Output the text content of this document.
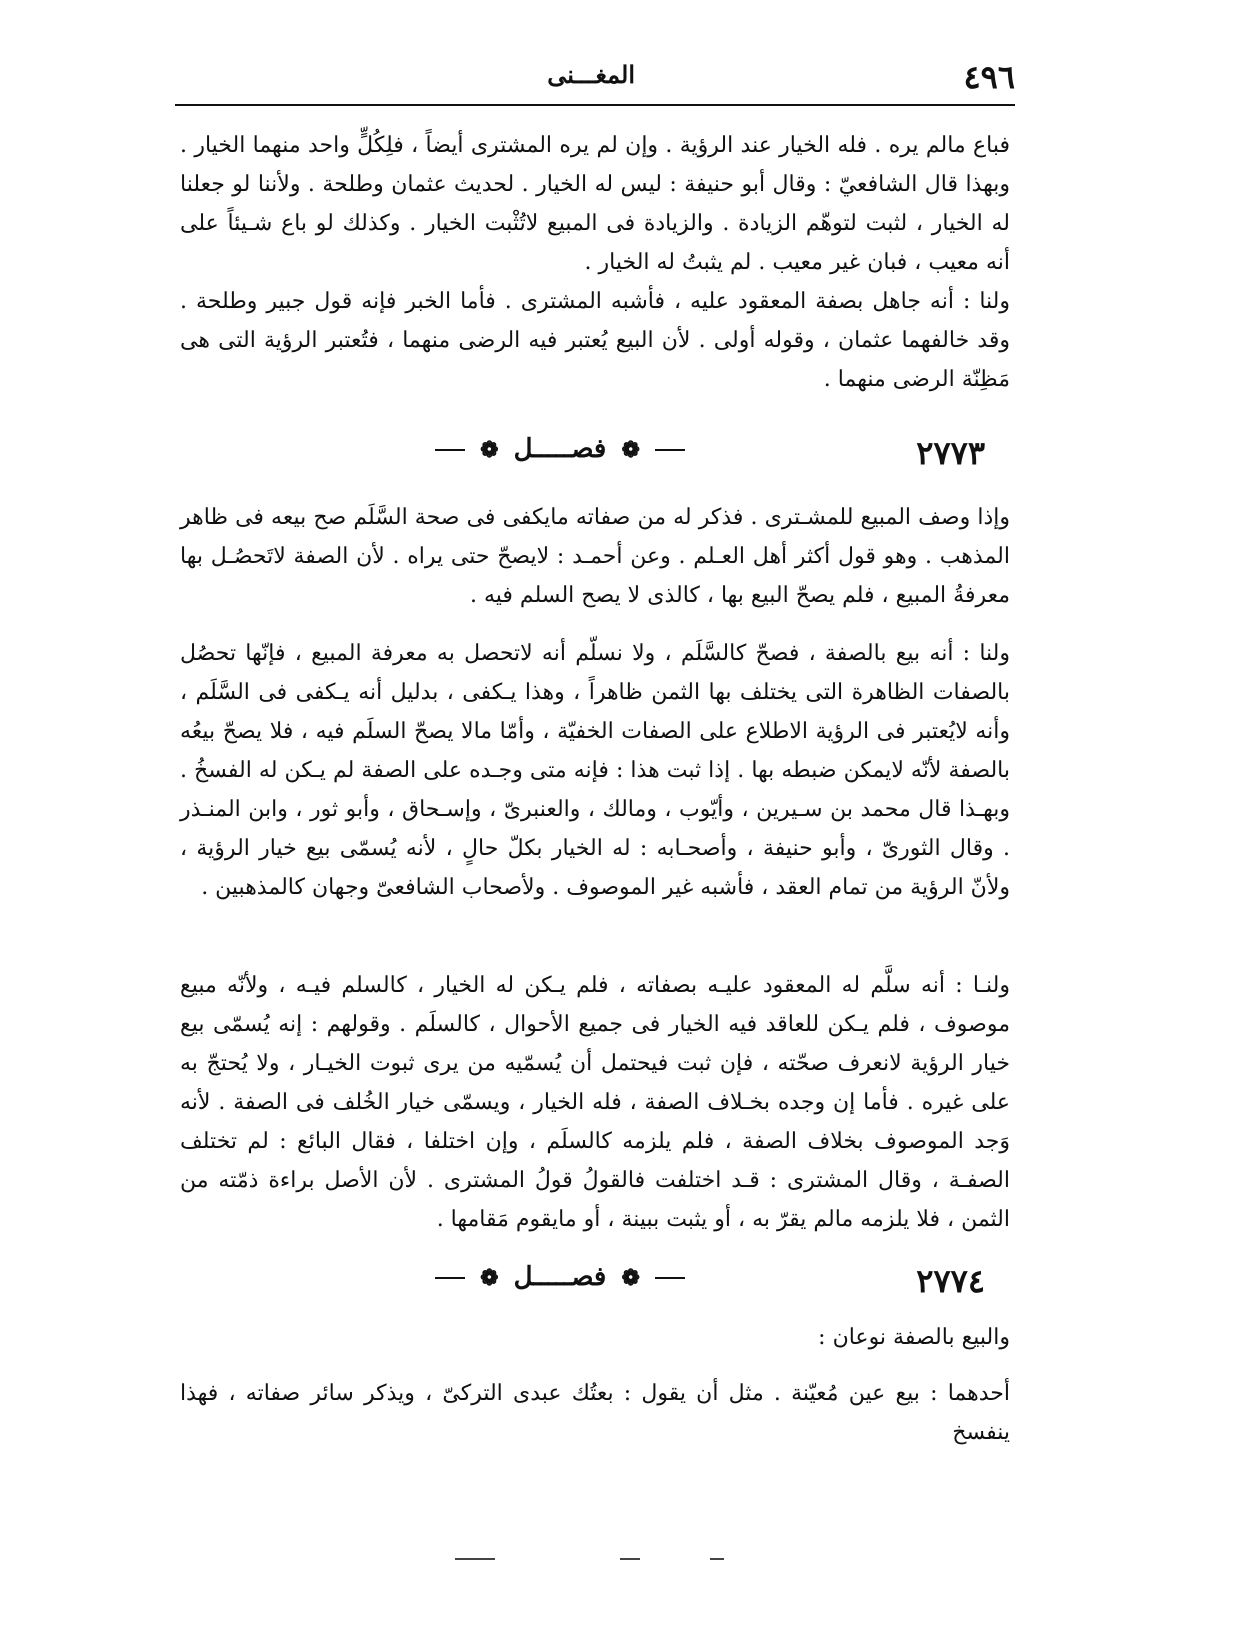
٤٩٦
المغـــنى

فباع مالم يره . فله الخيار عند الرؤية . وإن لم يره المشترى أيضاً ، فلِكُلٍّ واحد منهما الخيار . وبهذا قال الشافعيّ : وقال أبو حنيفة : ليس له الخيار . لحديث عثمان وطلحة . ولأننا لو جعلنا له الخيار ، لثبت لتوهّم الزيادة . والزيادة فى المبيع لاتُثْبت الخيار . وكذلك لو باع شـيئاً على أنه معيب ، فبان غير معيب . لم يثبتُ له الخيار .

ولنا : أنه جاهل بصفة المعقود عليه ، فأشبه المشترى . فأما الخبر فإنه قول جبير وطلحة . وقد خالفهما عثمان ، وقوله أولى . لأن البيع يُعتبر فيه الرضى منهما ، فتُعتبر الرؤية التى هى مَظِنّة الرضى منهما .

٢٧٧٣
❁ فصـــــل ❁

وإذا وصف المبيع للمشـترى . فذكر له من صفاته مايكفى فى صحة السَّلَم صح بيعه فى ظاهر المذهب . وهو قول أكثر أهل العـلم . وعن أحمـد : لايصحّ حتى يراه . لأن الصفة لاتَحصُـل بها معرفةُ المبيع ، فلم يصحّ البيع بها ، كالذى لا يصح السلم فيه .

ولنا : أنه بيع بالصفة ، فصحّ كالسَّلَم ، ولا نسلّم أنه لاتحصل به معرفة المبيع ، فإنّها تحصُل بالصفات الظاهرة التى يختلف بها الثمن ظاهراً ، وهذا يـكفى ، بدليل أنه يـكفى فى السَّلَم ، وأنه لايُعتبر فى الرؤية الاطلاع على الصفات الخفيّة ، وأمّا مالا يصحّ السلَم فيه ، فلا يصحّ بيعُه بالصفة لأنّه لايمكن ضبطه بها . إذا ثبت هذا : فإنه متى وجـده على الصفة لم يـكن له الفسخُ . وبهـذا قال محمد بن سـيرين ، وأيّوب ، ومالك ، والعنبرىّ ، وإسـحاق ، وأبو ثور ، وابن المنـذر . وقال الثورىّ ، وأبو حنيفة ، وأصحـابه : له الخيار بكلّ حالٍ ، لأنه يُسمّى بيع خيار الرؤية ، ولأنّ الرؤية من تمام العقد ، فأشبه غير الموصوف . ولأصحاب الشافعىّ وجهان كالمذهبين .

ولنـا : أنه سلَّم له المعقود عليـه بصفاته ، فلم يـكن له الخيار ، كالسلم فيـه ، ولأنّه مبيع موصوف ، فلم يـكن للعاقد فيه الخيار فى جميع الأحوال ، كالسلَم . وقولهم : إنه يُسمّى بيع خيار الرؤية لانعرف صحّته ، فإن ثبت فيحتمل أن يُسمّيه من يرى ثبوت الخيـار ، ولا يُحتجّ به على غيره . فأما إن وجده بخـلاف الصفة ، فله الخيار ، ويسمّى خيار الخُلف فى الصفة . لأنه وَجد الموصوف بخلاف الصفة ، فلم يلزمه كالسلَم ، وإن اختلفا ، فقال البائع : لم تختلف الصفـة ، وقال المشترى : قـد اختلفت فالقولُ قولُ المشترى . لأن الأصل براءة ذمّته من الثمن ، فلا يلزمه مالم يقرّ به ، أو يثبت ببينة ، أو مايقوم مَقامها .

٢٧٧٤
❁ فصـــــل ❁

والبيع بالصفة نوعان :

أحدهما : بيع عين مُعيّنة . مثل أن يقول : بعتُك عبدى التركىّ ، ويذكر سائر صفاته ، فهذا ينفسخ
